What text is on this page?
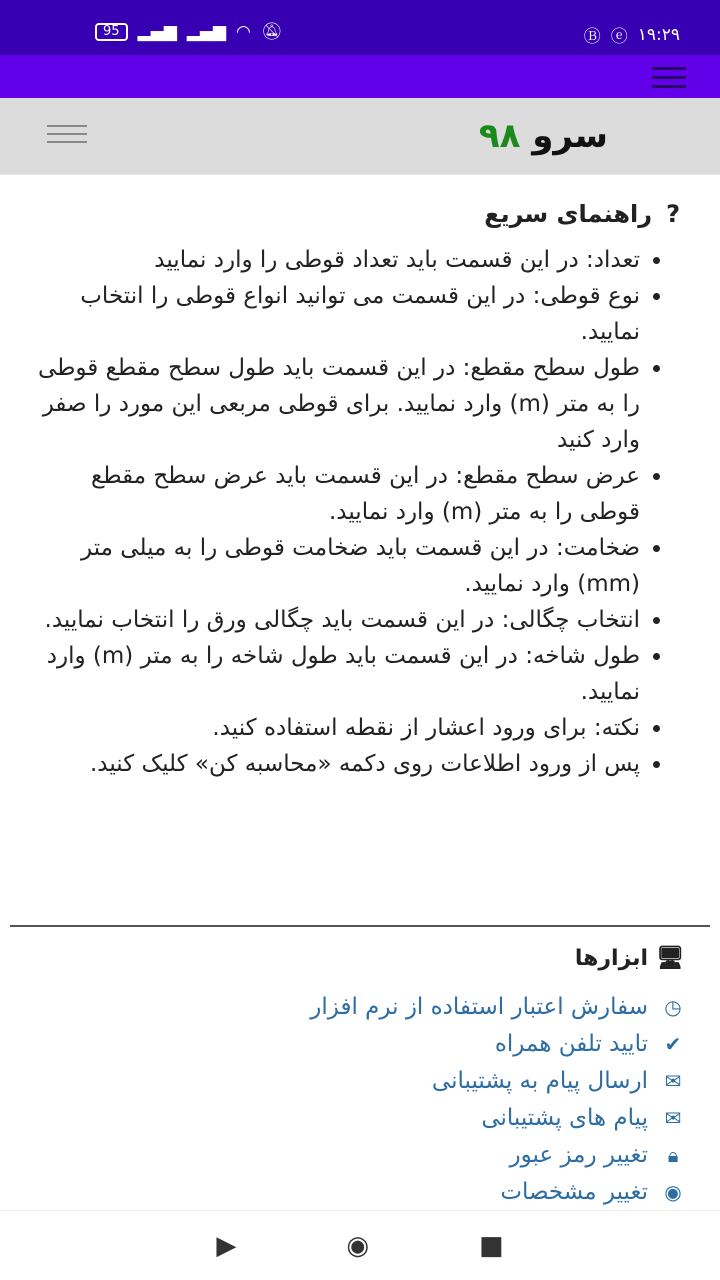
95	▂▄▆ ▂▄▆ ◠ 🔕︎	Ⓑ ⓔ ۱۹:۲۹
سرو ۹۸
?
راهنمای سریع
• تعداد: در این قسمت باید تعداد قوطی را وارد نمایید
• نوع قوطی: در این قسمت می توانید انواع قوطی را انتخاب نمایید.
• طول سطح مقطع: در این قسمت باید طول سطح مقطع قوطی را به متر (m) وارد نمایید. برای قوطی مربعی این مورد را صفر وارد کنید
• عرض سطح مقطع: در این قسمت باید عرض سطح مقطع قوطی را به متر (m) وارد نمایید.
• ضخامت: در این قسمت باید ضخامت قوطی را به میلی متر (mm) وارد نمایید.
• انتخاب چگالی: در این قسمت باید چگالی ورق را انتخاب نمایید.
• طول شاخه: در این قسمت باید طول شاخه را به متر (m) وارد نمایید.
• نکته: برای ورود اعشار از نقطه استفاده کنید.
• پس از ورود اطلاعات روی دکمه «محاسبه کن» کلیک کنید.
🖥︎
ابزارها
◷
سفارش اعتبار استفاده از نرم افزار
✔
تایید تلفن همراه
✉
ارسال پیام به پشتیبانی
✉︎
پیام های پشتیبانی
🔒︎
تغییر رمز عبور
◉
تغییر مشخصات
▶	◉	■
